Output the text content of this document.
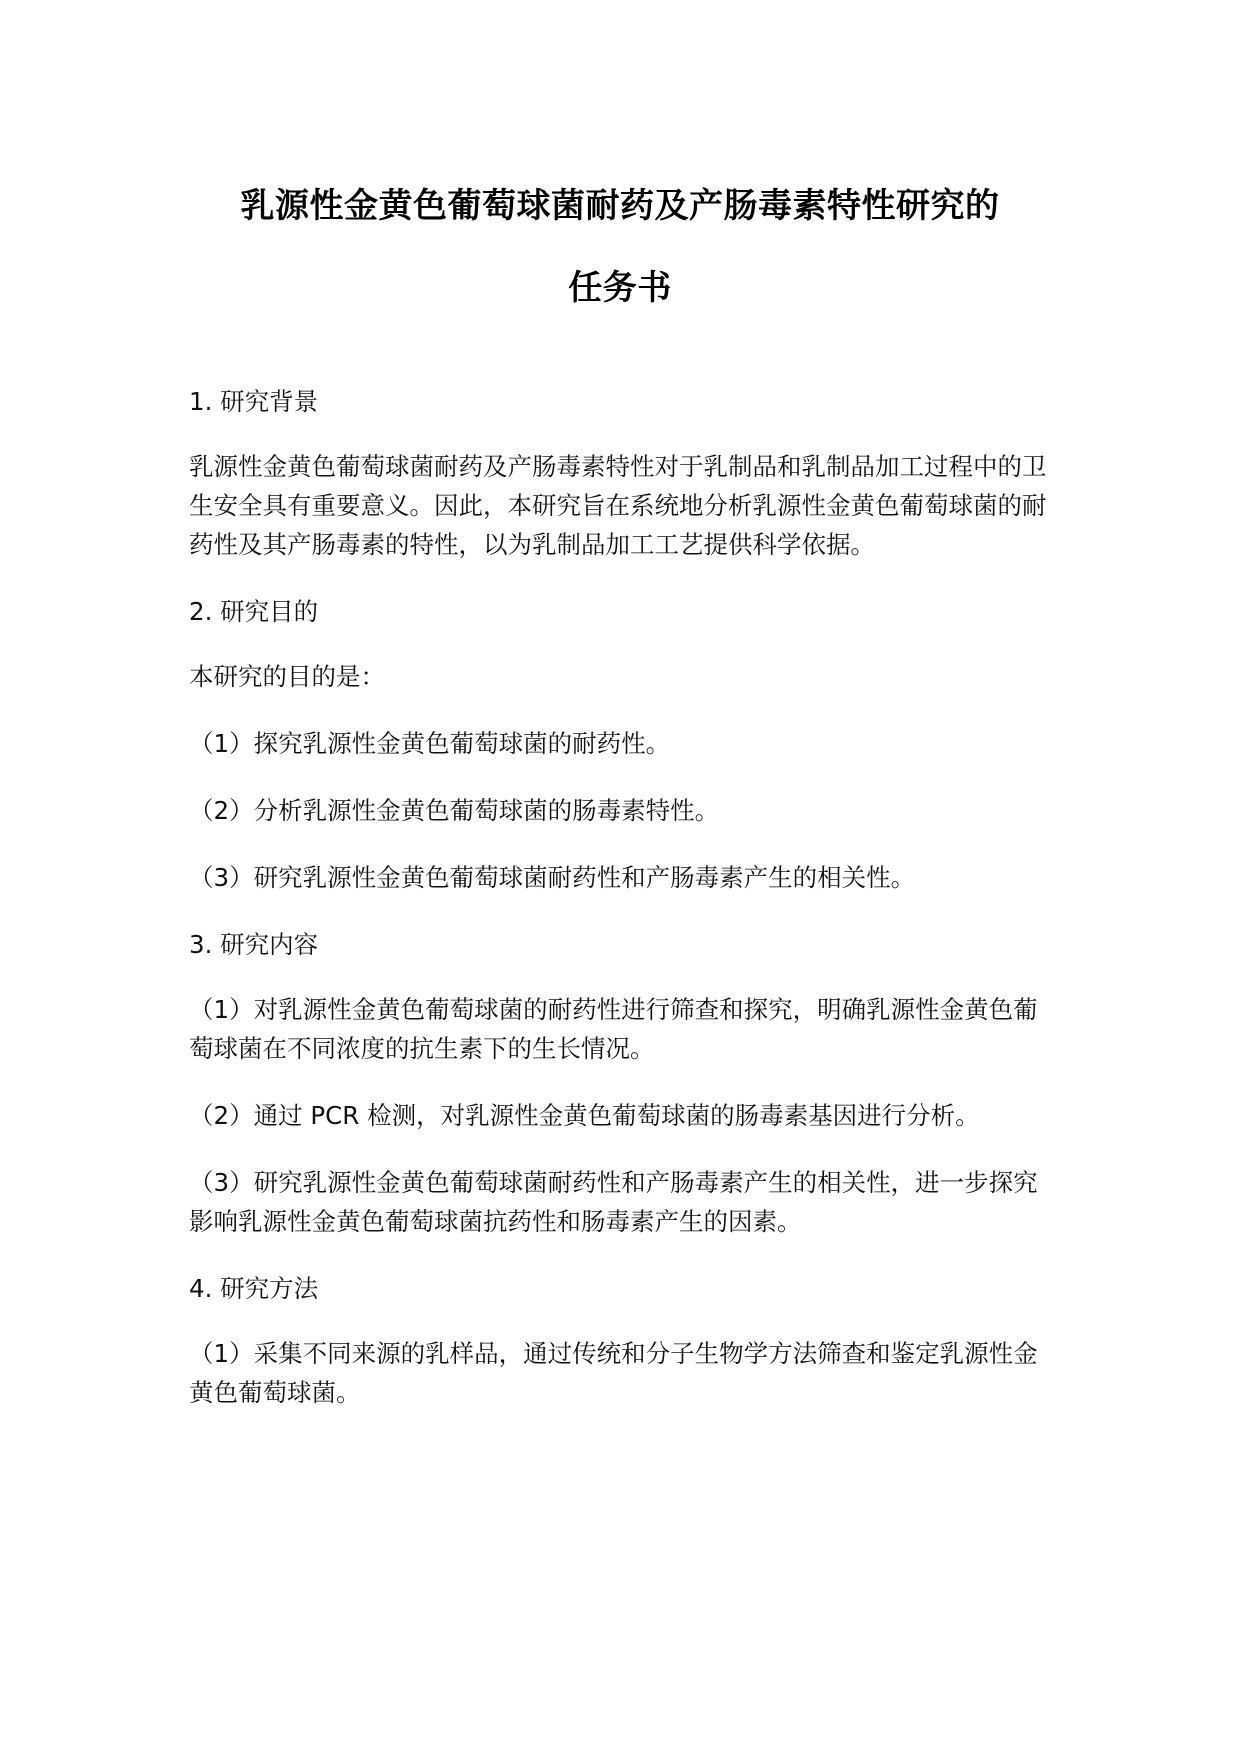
乳源性金黄色葡萄球菌耐药及产肠毒素特性研究的
任务书

1. 研究背景

乳源性金黄色葡萄球菌耐药及产肠毒素特性对于乳制品和乳制品加工过程中的卫生安全具有重要意义。因此，本研究旨在系统地分析乳源性金黄色葡萄球菌的耐药性及其产肠毒素的特性，以为乳制品加工工艺提供科学依据。

2. 研究目的

本研究的目的是：

（1）探究乳源性金黄色葡萄球菌的耐药性。

（2）分析乳源性金黄色葡萄球菌的肠毒素特性。

（3）研究乳源性金黄色葡萄球菌耐药性和产肠毒素产生的相关性。

3. 研究内容

（1）对乳源性金黄色葡萄球菌的耐药性进行筛查和探究，明确乳源性金黄色葡萄球菌在不同浓度的抗生素下的生长情况。

（2）通过 PCR 检测，对乳源性金黄色葡萄球菌的肠毒素基因进行分析。

（3）研究乳源性金黄色葡萄球菌耐药性和产肠毒素产生的相关性，进一步探究影响乳源性金黄色葡萄球菌抗药性和肠毒素产生的因素。

4. 研究方法

（1）采集不同来源的乳样品，通过传统和分子生物学方法筛查和鉴定乳源性金黄色葡萄球菌。
